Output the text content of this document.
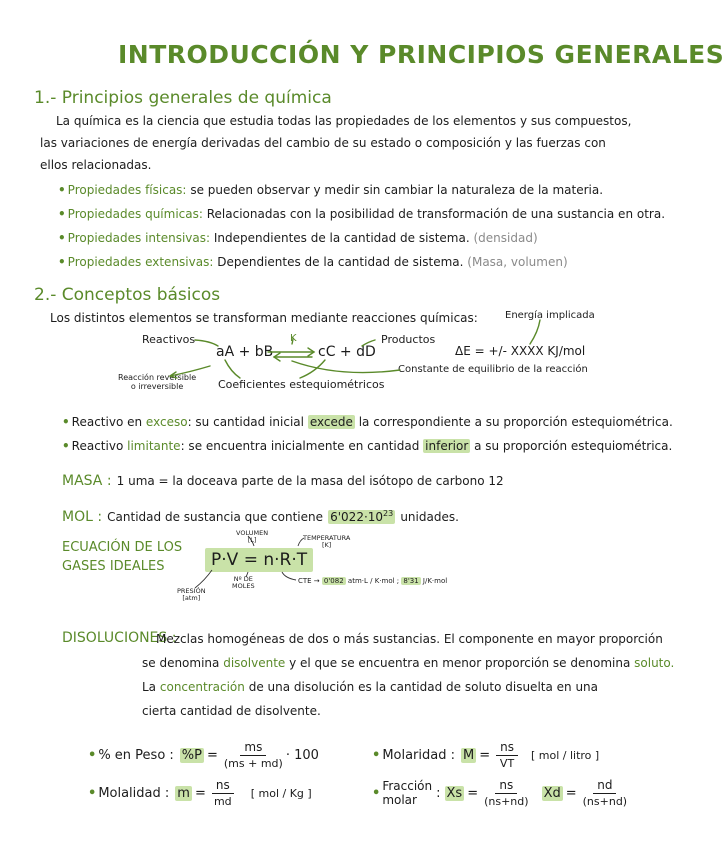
INTRODUCCIÓN Y PRINCIPIOS GENERALES
1.- Principios generales de química
La química es la ciencia que estudia todas las propiedades de los elementos y sus compuestos,
las variaciones de energía derivadas del cambio de su estado o composición y las fuerzas con
ellos relacionadas.
• Propiedades físicas: se pueden observar y medir sin cambiar la naturaleza de la materia.
• Propiedades químicas: Relacionadas con la posibilidad de transformación de una sustancia en otra.
• Propiedades intensivas: Independientes de la cantidad de sistema. (densidad)
• Propiedades extensivas: Dependientes de la cantidad de sistema. (Masa, volumen)
2.- Conceptos básicos
Los distintos elementos se transforman mediante reacciones químicas:	Energía implicada
Reactivos	K	Productos
aA + bB	cC + dD	ΔE = +/- XXXX KJ/mol
Reacción reversible
o irreversible
Constante de equilibrio de la reacción
Coeficientes estequiométricos
• Reactivo en exceso: su cantidad inicial excede la correspondiente a su proporción estequiométrica.
• Reactivo limitante: se encuentra inicialmente en cantidad inferior a su proporción estequiométrica.
MASA : 1 uma = la doceava parte de la masa del isótopo de carbono 12
MOL : Cantidad de sustancia que contiene $6'022\cdot 10^{23}$ unidades.
ECUACIÓN DE LOS
GASES IDEALES
VOLUMEN
[L]	TEMPERATURA
[K]
P·V = n·R·T
Nº DE
MOLES
PRESIÓN
[atm]
CTE → 0'082 atm·L / K·mol ; 8'31 J/K·mol
DISOLUCIONES :
Mezclas homogéneas de dos o más sustancias. El componente en mayor proporción
se denomina disolvente y el que se encuentra en menor proporción se denomina soluto.
La concentración de una disolución es la cantidad de soluto disuelta en una
cierta cantidad de disolvente.
• % en Peso : $\%P = \frac{ms}{(ms + md)} \cdot 100$	• Molaridad : $M = \frac{ns}{VT}$ [ mol / litro ]
• Molalidad : $m = \frac{ns}{md}$ [ mol / Kg ]	• Fracción
molar	: $Xs = \frac{ns}{(ns+nd)}$ $Xd = \frac{nd}{(ns+nd)}$
